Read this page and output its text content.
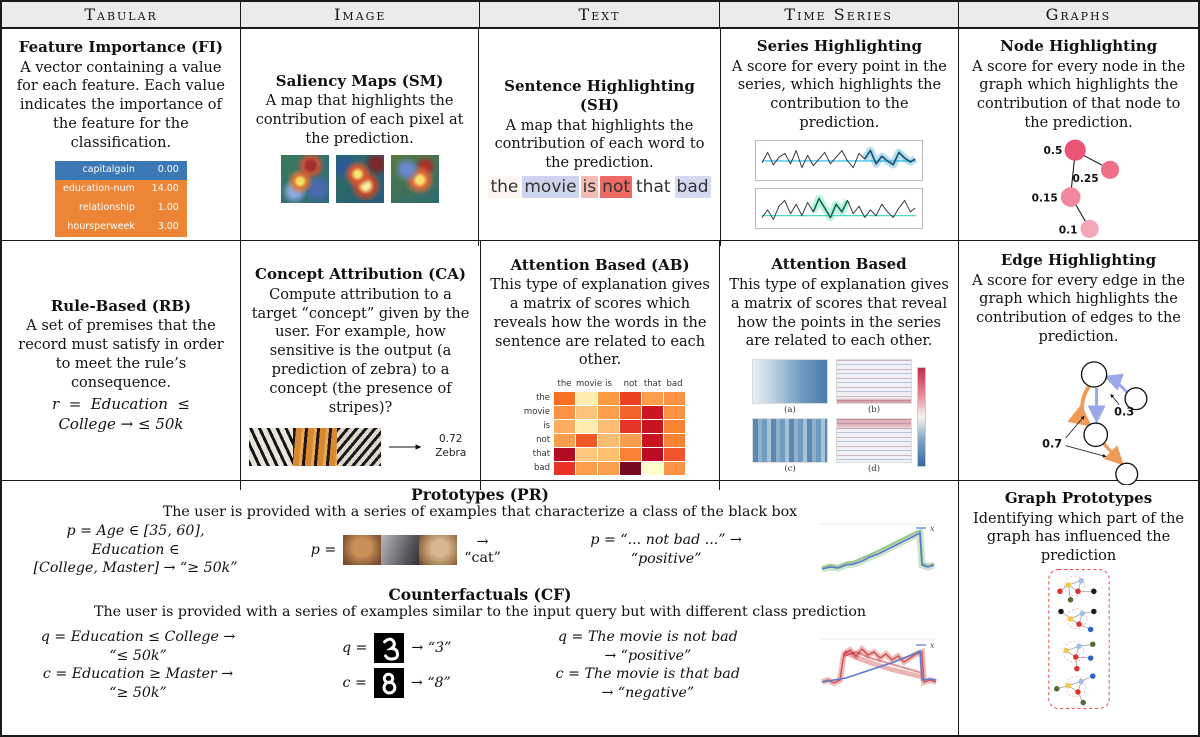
Tabular	Image	Text	Time Series	Graphs
Feature Importance (FI)
A vector containing a value for each feature. Each value indicates the importance of the feature for the classification.
capitalgain	0.00
education-num 14.00
relationship	1.00
hoursperweek	3.00
Saliency Maps (SM)
A map that highlights the contribution of each pixel at the prediction.
Sentence Highlighting (SH)
A map that highlights the contribution of each word to the prediction.
the movie is not that bad
Series Highlighting
A score for every point in the series, which highlights the contribution to the prediction.
Node Highlighting
A score for every node in the graph which highlights the contribution of that node to the prediction.
0.5
0.25
0.15
0.1
Rule-Based (RB)
A set of premises that the record must satisfy in order to meet the rule’s consequence.
r  =  Education  ≤
College → ≤ 50k
Concept Attribution (CA)
Compute attribution to a target “concept” given by the user. For example, how sensitive is the output (a prediction of zebra) to a concept (the presence of stripes)?
0.72 Zebra
Attention Based (AB)
This type of explanation gives a matrix of scores which reveals how the words in the sentence are related to each other.
the movie is	not that bad
the
movie
is
not
that
bad
Attention Based
This type of explanation gives a matrix of scores that reveal how the points in the series are related to each other.
(a)	(b)
(c)	(d)
Edge Highlighting
A score for every edge in the graph which highlights the contribution of edges to the prediction.
0.3
0.7
Prototypes (PR)
The user is provided with a series of examples that characterize a class of the black box
p = Age ∈ [35, 60],
Education ∈
[College, Master] → “≥ 50k”
p =	→
“cat”
p = “... not bad ...” →
“positive”
x
Counterfactuals (CF)
The user is provided with a series of examples similar to the input query but with different class prediction
q = Education ≤ College →
“≤ 50k”
c = Education ≥ Master →
“≥ 50k”
q =	→ “3”
c =	→ “8”
q = The movie is not bad
→ “positive”
c = The movie is that bad
→ “negative”
x
Graph Prototypes
Identifying which part of the graph has influenced the prediction
